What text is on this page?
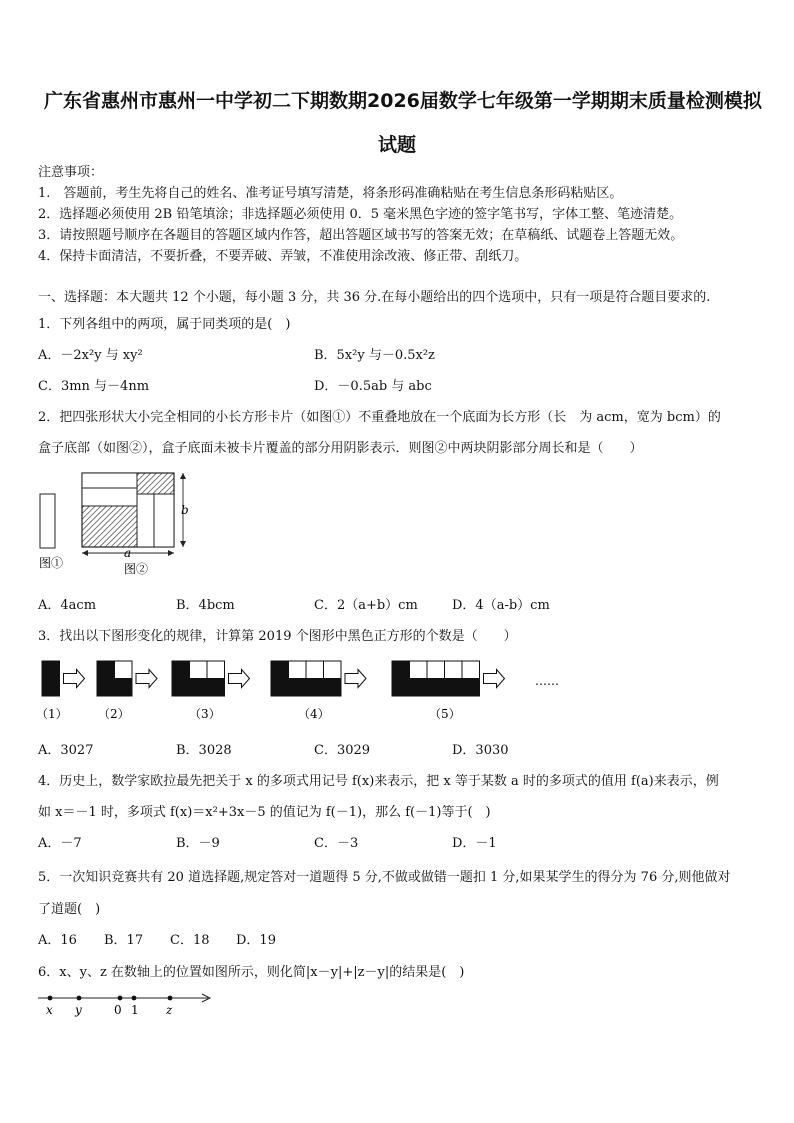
广东省惠州市惠州一中学初二下期数期2026届数学七年级第一学期期末质量检测模拟
试题
注意事项：
1.　答题前，考生先将自己的姓名、准考证号填写清楚，将条形码准确粘贴在考生信息条形码粘贴区。
2．选择题必须使用 2B 铅笔填涂；非选择题必须使用 0．5 毫米黑色字迹的签字笔书写，字体工整、笔迹清楚。
3．请按照题号顺序在各题目的答题区域内作答，超出答题区域书写的答案无效；在草稿纸、试题卷上答题无效。
4．保持卡面清洁，不要折叠，不要弄破、弄皱，不准使用涂改液、修正带、刮纸刀。
一、选择题：本大题共 12 个小题，每小题 3 分，共 36 分.在每小题给出的四个选项中，只有一项是符合题目要求的.
1．下列各组中的两项，属于同类项的是(　)
A．－2x²y 与 xy²	B．5x²y 与－0.5x²z
C．3mn 与－4nm	D．－0.5ab 与 abc
2．把四张形状大小完全相同的小长方形卡片（如图①）不重叠地放在一个底面为长方形（长　为 acm，宽为 bcm）的
盒子底部（如图②），盒子底面未被卡片覆盖的部分用阴影表示．则图②中两块阴影部分周长和是（　　）
图①
b
a
图②
A．4acm	B．4bcm	C．2（a+b）cm	D．4（a-b）cm
3．找出以下图形变化的规律，计算第 2019 个图形中黑色正方形的个数是（　　）
（1）	（2）	（3）	（4）	（5）
……
A．3027	B．3028	C．3029	D．3030
4．历史上，数学家欧拉最先把关于 x 的多项式用记号 f(x)来表示，把 x 等于某数 a 时的多项式的值用 f(a)来表示，例
如 x＝－1 时，多项式 f(x)＝x²+3x－5 的值记为 f(－1)，那么 f(－1)等于(　)
A．－7	B．－9	C．－3	D．－1
5．一次知识竞赛共有 20 道选择题,规定答对一道题得 5 分,不做或做错一题扣 1 分,如果某学生的得分为 76 分,则他做对
了道题(　)
A．16 B．17 C．18 D．19
6．x、y、z 在数轴上的位置如图所示，则化简|x－y|+|z－y|的结果是(　)
x y	0 1 z
